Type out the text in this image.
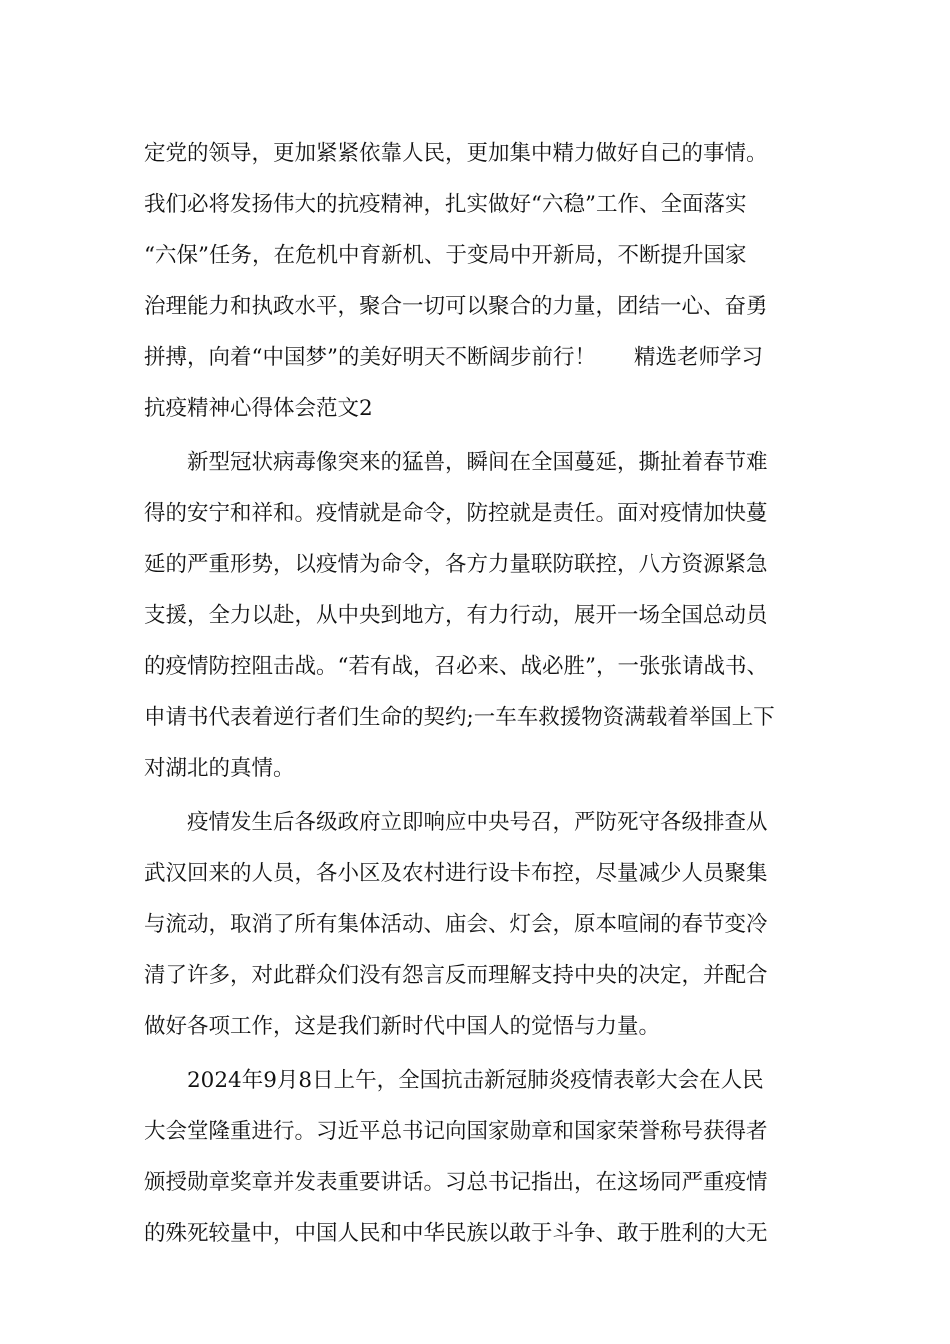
定党的领导，更加紧紧依靠人民，更加集中精力做好自己的事情。
我们必将发扬伟大的抗疫精神，扎实做好“六稳”工作、全面落实
“六保”任务，在危机中育新机、于变局中开新局，不断提升国家
治理能力和执政水平，聚合一切可以聚合的力量，团结一心、奋勇
拼搏，向着“中国梦”的美好明天不断阔步前行！ 精选老师学习
抗疫精神心得体会范文2
新型冠状病毒像突来的猛兽，瞬间在全国蔓延，撕扯着春节难
得的安宁和祥和。疫情就是命令，防控就是责任。面对疫情加快蔓
延的严重形势，以疫情为命令，各方力量联防联控，八方资源紧急
支援，全力以赴，从中央到地方，有力行动，展开一场全国总动员
的疫情防控阻击战。“若有战，召必来、战必胜”，一张张请战书、
申请书代表着逆行者们生命的契约;一车车救援物资满载着举国上下
对湖北的真情。
疫情发生后各级政府立即响应中央号召，严防死守各级排查从
武汉回来的人员，各小区及农村进行设卡布控，尽量减少人员聚集
与流动，取消了所有集体活动、庙会、灯会，原本喧闹的春节变冷
清了许多，对此群众们没有怨言反而理解支持中央的决定，并配合
做好各项工作，这是我们新时代中国人的觉悟与力量。
2024年9月8日上午，全国抗击新冠肺炎疫情表彰大会在人民
大会堂隆重进行。习近平总书记向国家勋章和国家荣誉称号获得者
颁授勋章奖章并发表重要讲话。习总书记指出，在这场同严重疫情
的殊死较量中，中国人民和中华民族以敢于斗争、敢于胜利的大无
